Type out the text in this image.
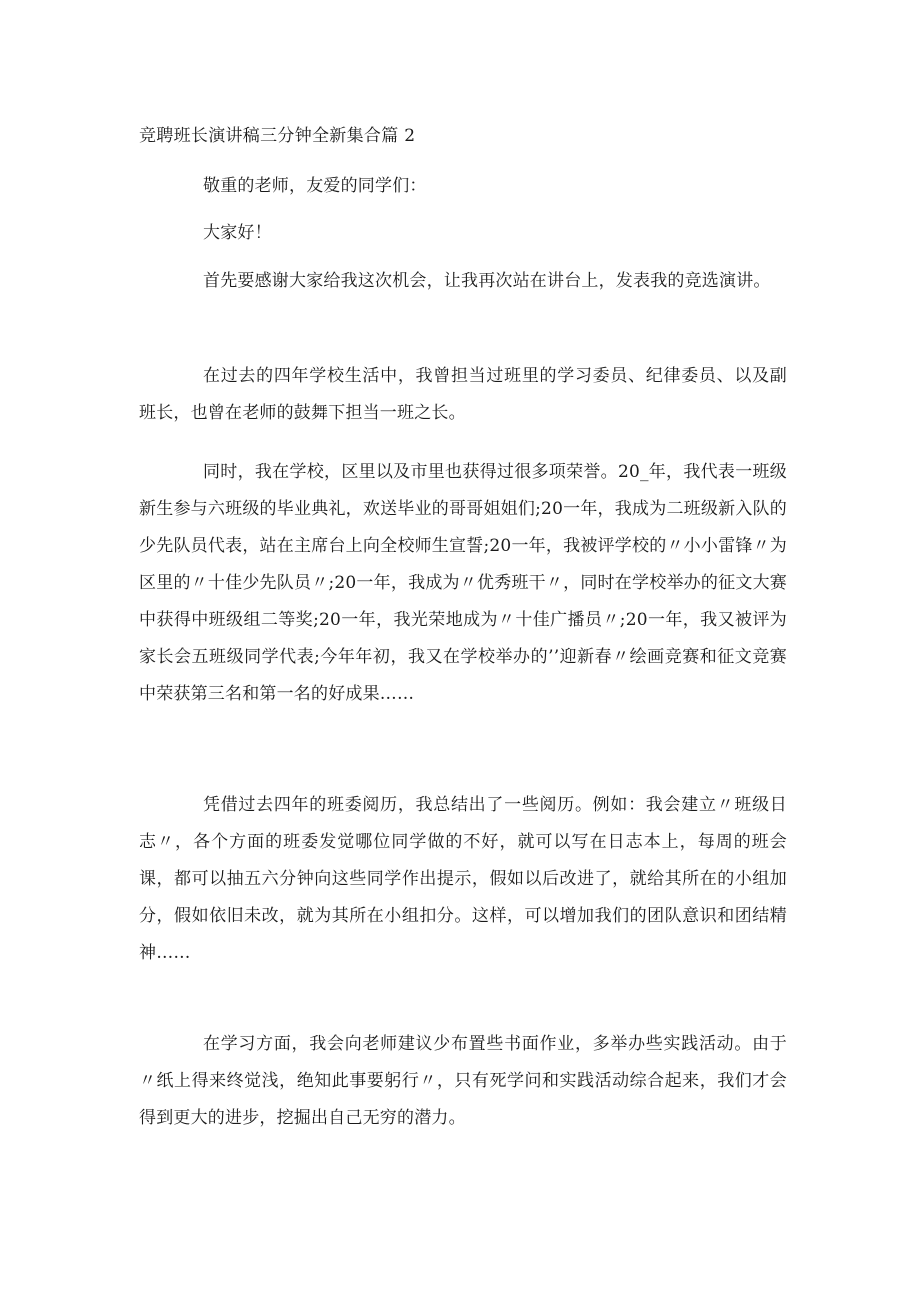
竞聘班长演讲稿三分钟全新集合篇 2

敬重的老师，友爱的同学们：

大家好！

首先要感谢大家给我这次机会，让我再次站在讲台上，发表我的竞选演讲。

在过去的四年学校生活中，我曾担当过班里的学习委员、纪律委员、以及副班长，也曾在老师的鼓舞下担当一班之长。

同时，我在学校，区里以及市里也获得过很多项荣誉。20_年，我代表一班级新生参与六班级的毕业典礼，欢送毕业的哥哥姐姐们;20一年，我成为二班级新入队的少先队员代表，站在主席台上向全校师生宣誓;20一年，我被评学校的〃小小雷锋〃为区里的〃十佳少先队员〃;20一年，我成为〃优秀班干〃，同时在学校举办的征文大赛中获得中班级组二等奖;20一年，我光荣地成为〃十佳广播员〃;20一年，我又被评为家长会五班级同学代表;今年年初，我又在学校举办的’’迎新春〃绘画竞赛和征文竞赛中荣获第三名和第一名的好成果……

凭借过去四年的班委阅历，我总结出了一些阅历。例如：我会建立〃班级日志〃，各个方面的班委发觉哪位同学做的不好，就可以写在日志本上，每周的班会课，都可以抽五六分钟向这些同学作出提示，假如以后改进了，就给其所在的小组加分，假如依旧未改，就为其所在小组扣分。这样，可以增加我们的团队意识和团结精神……

在学习方面，我会向老师建议少布置些书面作业，多举办些实践活动。由于〃纸上得来终觉浅，绝知此事要躬行〃，只有死学问和实践活动综合起来，我们才会得到更大的进步，挖掘出自己无穷的潜力。
